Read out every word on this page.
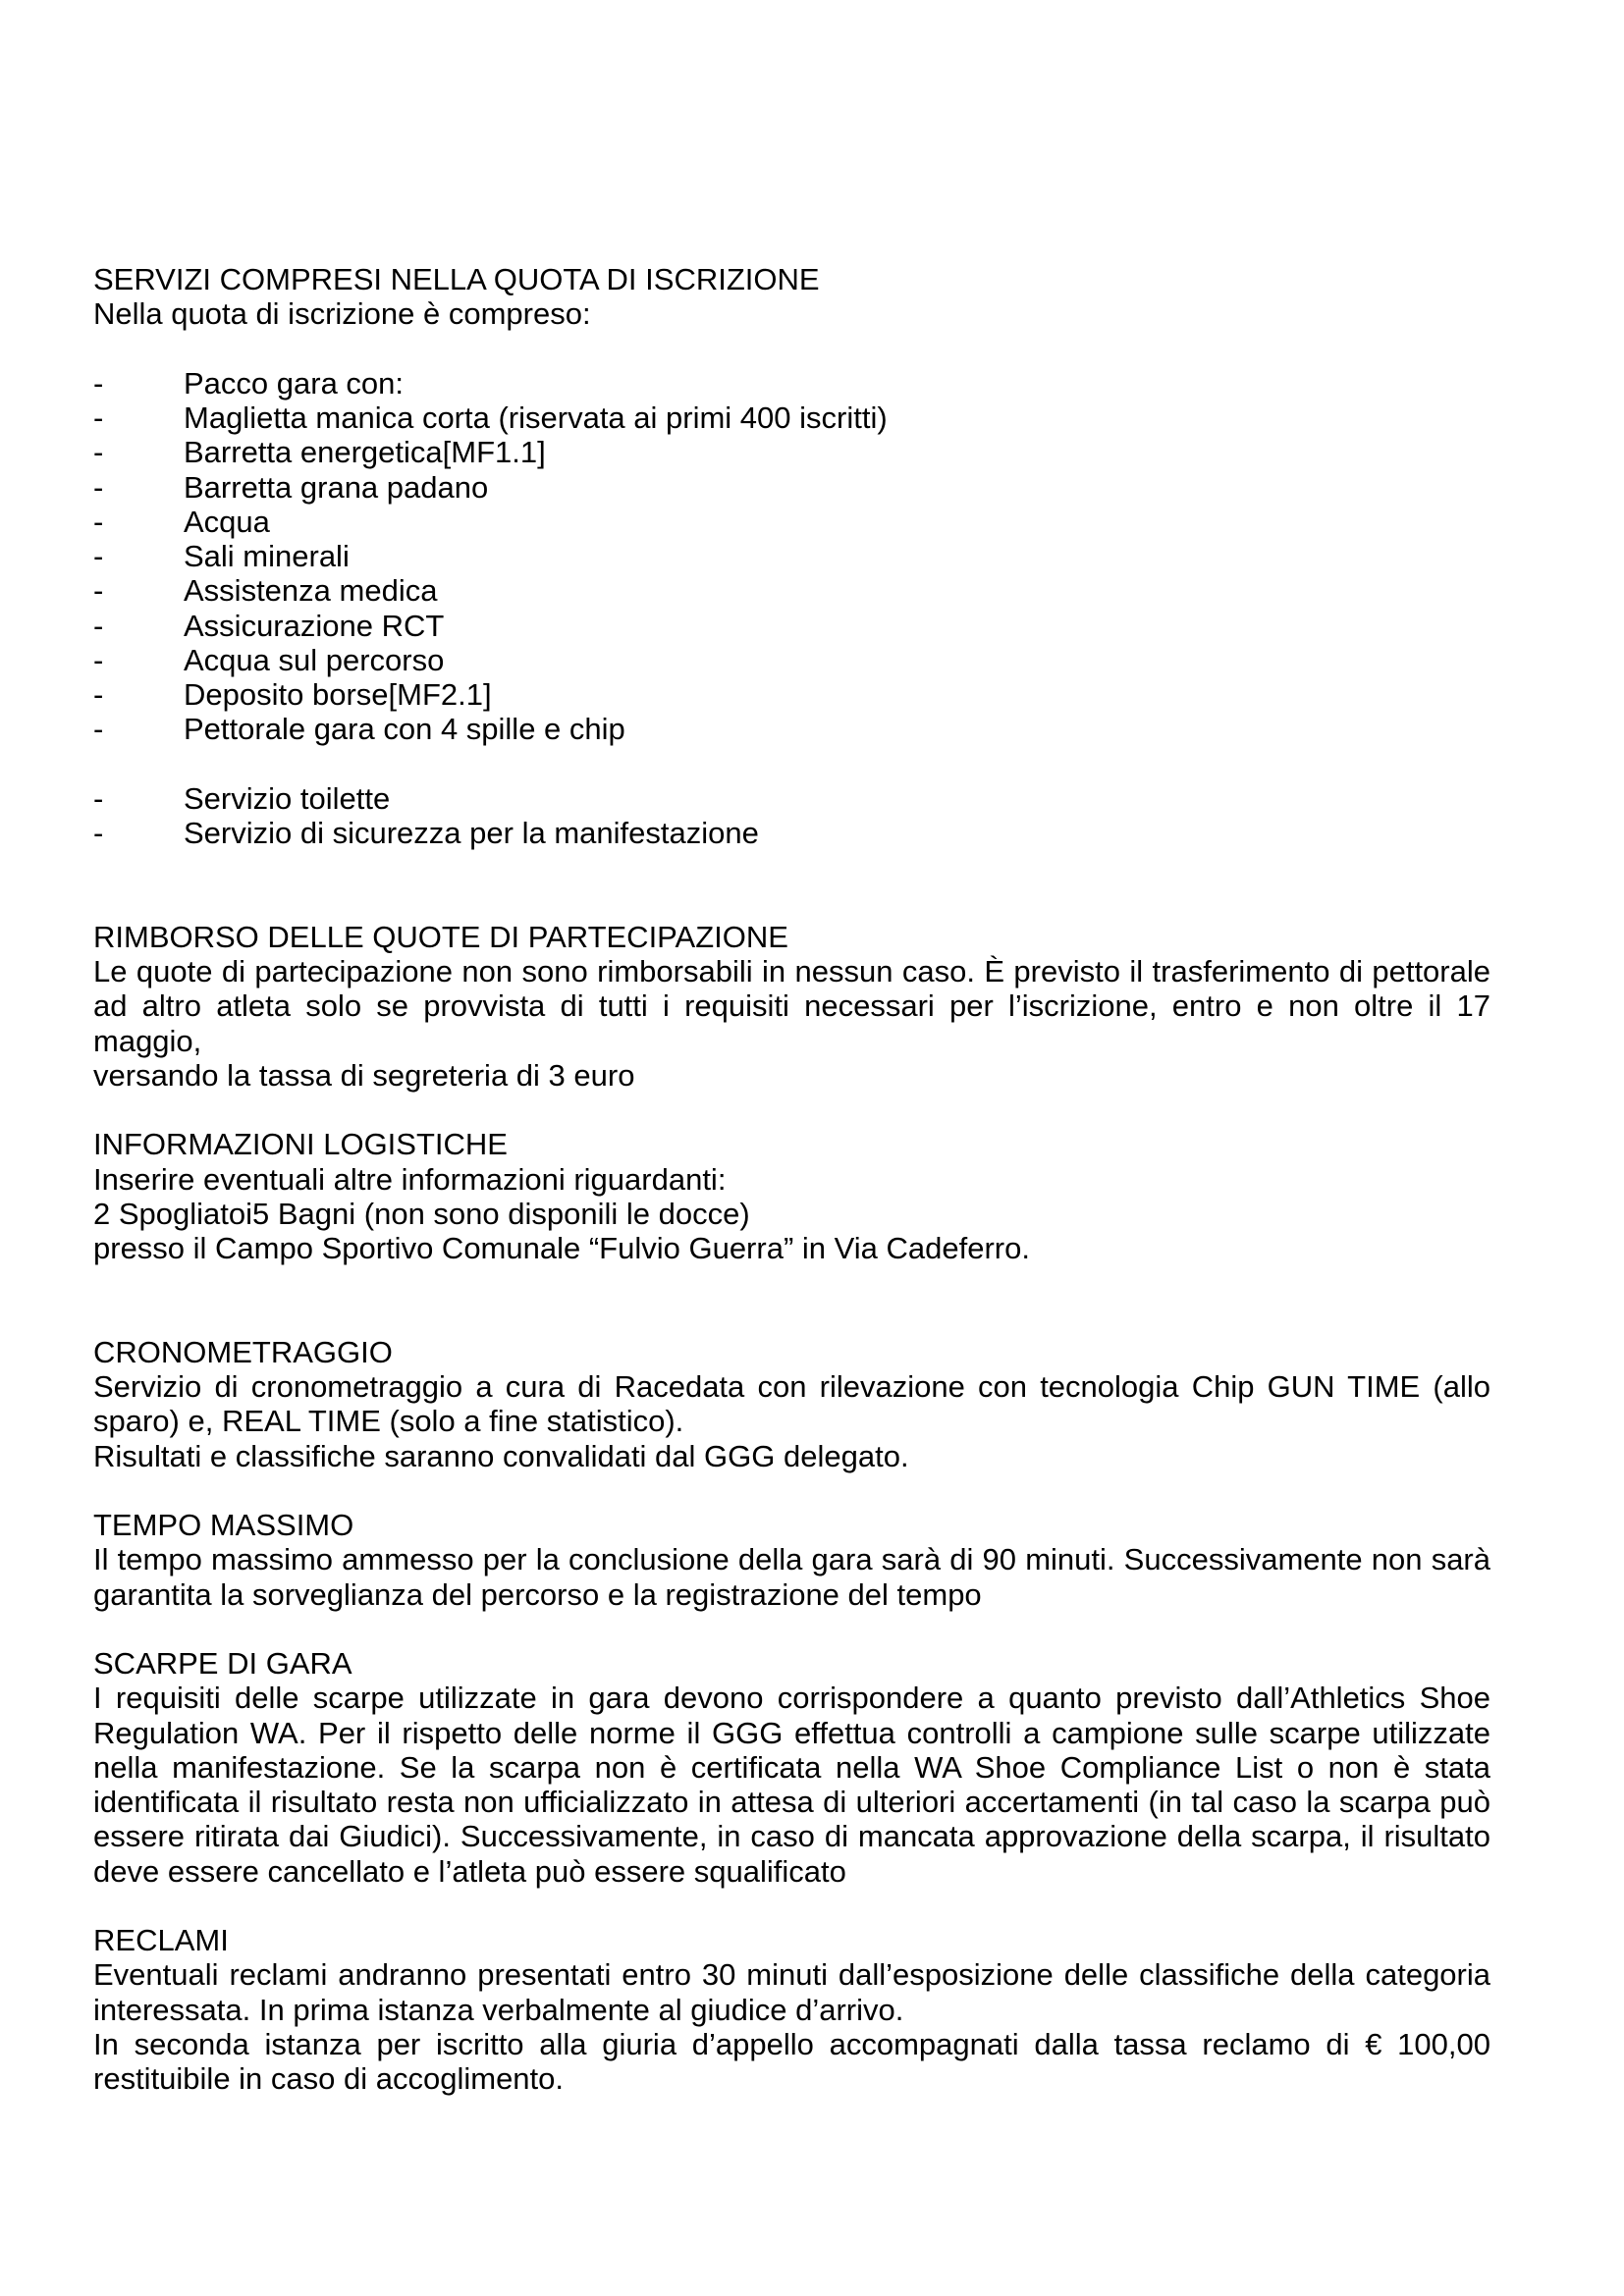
SERVIZI COMPRESI NELLA QUOTA DI ISCRIZIONE
Nella quota di iscrizione è compreso:

-	Pacco gara con:
-	Maglietta manica corta (riservata ai primi 400 iscritti)
-	Barretta energetica[MF1.1]
-	Barretta grana padano
-	Acqua
-	Sali minerali
-	Assistenza medica
-	Assicurazione RCT
-	Acqua sul percorso
-	Deposito borse[MF2.1]
-	Pettorale gara con 4 spille e chip

-	Servizio toilette
-	Servizio di sicurezza per la manifestazione

RIMBORSO DELLE QUOTE DI PARTECIPAZIONE
Le quote di partecipazione non sono rimborsabili in nessun caso. È previsto il trasferimento di pettorale
ad altro atleta solo se provvista di tutti i requisiti necessari per l’iscrizione, entro e non oltre il 17 maggio,
versando la tassa di segreteria di 3 euro

INFORMAZIONI LOGISTICHE
Inserire eventuali altre informazioni riguardanti:
2 Spogliatoi5 Bagni (non sono disponili le docce)
presso il Campo Sportivo Comunale “Fulvio Guerra” in Via Cadeferro.

CRONOMETRAGGIO
Servizio di cronometraggio a cura di Racedata con rilevazione con tecnologia Chip GUN TIME (allo
sparo) e, REAL TIME (solo a fine statistico).
Risultati e classifiche saranno convalidati dal GGG delegato.

TEMPO MASSIMO
Il tempo massimo ammesso per la conclusione della gara sarà di 90 minuti. Successivamente non sarà
garantita la sorveglianza del percorso e la registrazione del tempo

SCARPE DI GARA
I requisiti delle scarpe utilizzate in gara devono corrispondere a quanto previsto dall’Athletics Shoe
Regulation WA. Per il rispetto delle norme il GGG effettua controlli a campione sulle scarpe utilizzate
nella manifestazione. Se la scarpa non è certificata nella WA Shoe Compliance List o non è stata
identificata il risultato resta non ufficializzato in attesa di ulteriori accertamenti (in tal caso la scarpa può
essere ritirata dai Giudici). Successivamente, in caso di mancata approvazione della scarpa, il risultato
deve essere cancellato e l’atleta può essere squalificato

RECLAMI
Eventuali reclami andranno presentati entro 30 minuti dall’esposizione delle classifiche della categoria
interessata. In prima istanza verbalmente al giudice d’arrivo.
In seconda istanza per iscritto alla giuria d’appello accompagnati dalla tassa reclamo di € 100,00
restituibile in caso di accoglimento.
